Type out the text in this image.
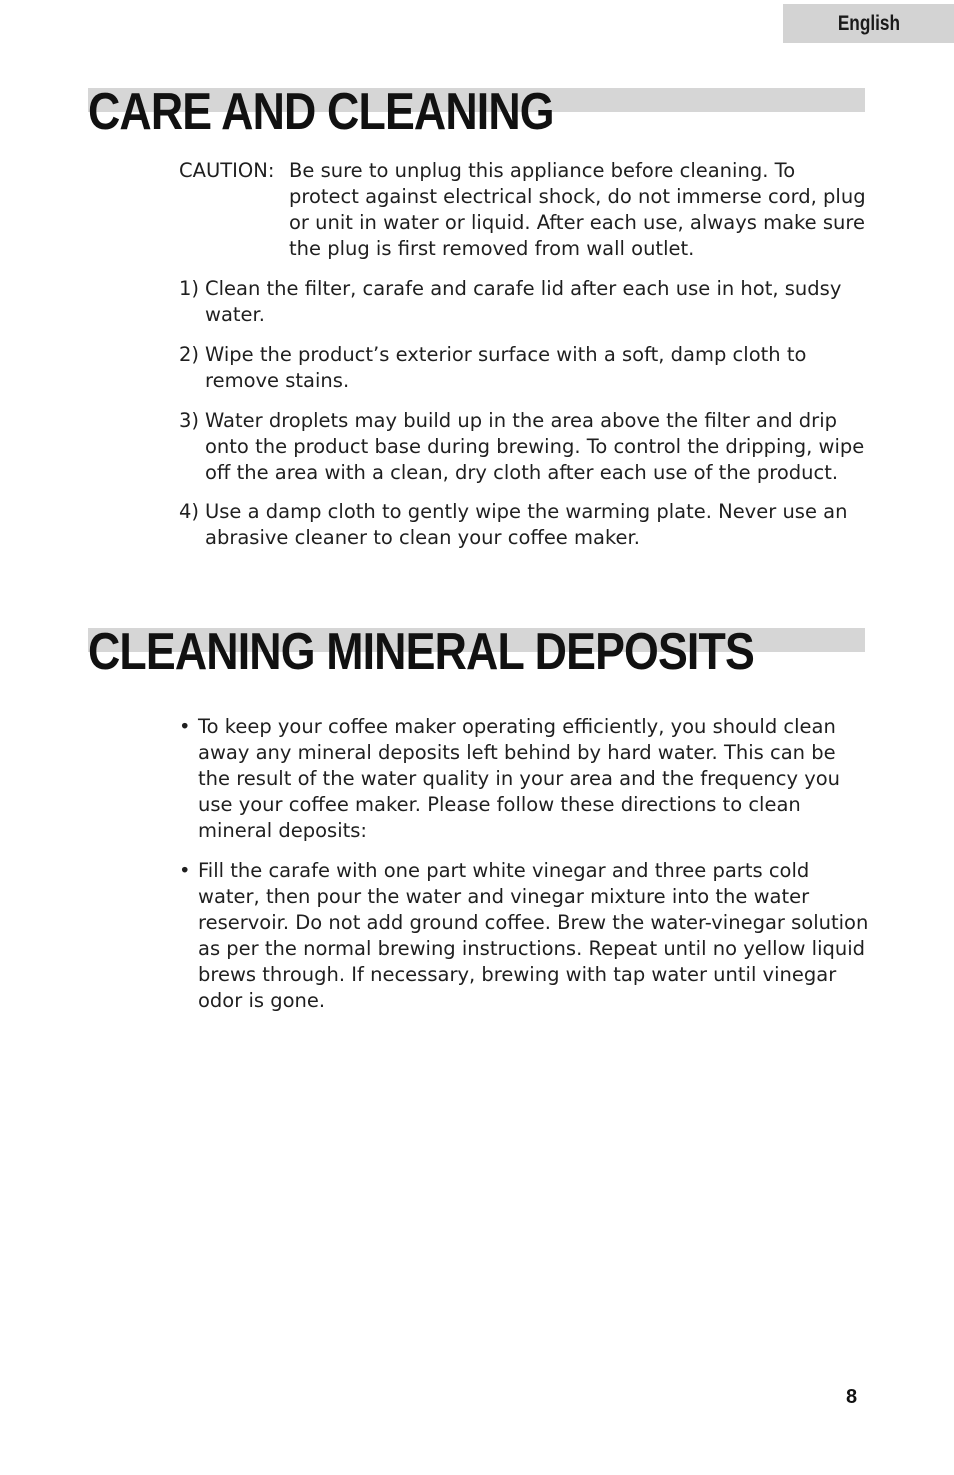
English
CARE AND CLEANING
CAUTION: Be sure to unplug this appliance before cleaning. To protect against electrical shock, do not immerse cord, plug or unit in water or liquid. After each use, always make sure the plug is first removed from wall outlet.
1) Clean the filter, carafe and carafe lid after each use in hot, sudsy water.
2) Wipe the product’s exterior surface with a soft, damp cloth to remove stains.
3) Water droplets may build up in the area above the filter and drip onto the product base during brewing. To control the dripping, wipe off the area with a clean, dry cloth after each use of the product.
4) Use a damp cloth to gently wipe the warming plate. Never use an abrasive cleaner to clean your coffee maker.
CLEANING MINERAL DEPOSITS
• To keep your coffee maker operating efficiently, you should clean away any mineral deposits left behind by hard water. This can be the result of the water quality in your area and the frequency you use your coffee maker. Please follow these directions to clean mineral deposits:
• Fill the carafe with one part white vinegar and three parts cold water, then pour the water and vinegar mixture into the water reservoir. Do not add ground coffee. Brew the water-vinegar solution as per the normal brewing instructions. Repeat until no yellow liquid brews through. If necessary, brewing with tap water until vinegar odor is gone.
8
